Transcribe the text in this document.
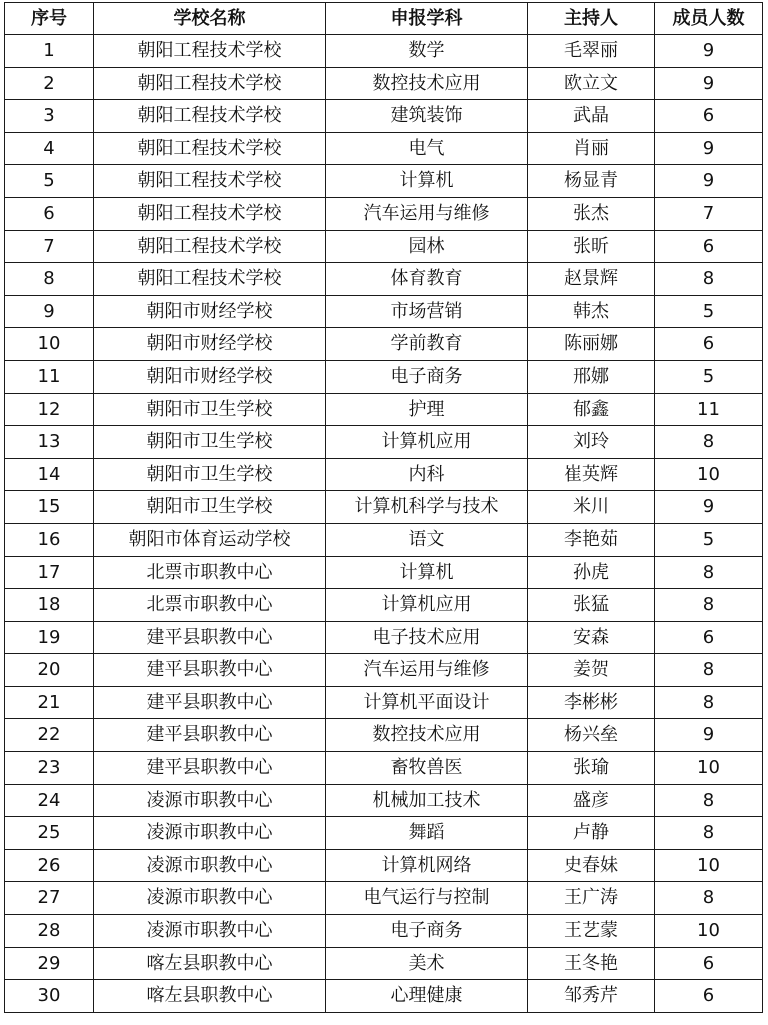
序号	学校名称	申报学科	主持人	成员人数
1	朝阳工程技术学校	数学	毛翠丽	9
2	朝阳工程技术学校	数控技术应用	欧立文	9
3	朝阳工程技术学校	建筑装饰	武晶	6
4	朝阳工程技术学校	电气	肖丽	9
5	朝阳工程技术学校	计算机	杨显青	9
6	朝阳工程技术学校	汽车运用与维修	张杰	7
7	朝阳工程技术学校	园林	张昕	6
8	朝阳工程技术学校	体育教育	赵景辉	8
9	朝阳市财经学校	市场营销	韩杰	5
10	朝阳市财经学校	学前教育	陈丽娜	6
11	朝阳市财经学校	电子商务	邢娜	5
12	朝阳市卫生学校	护理	郁鑫	11
13	朝阳市卫生学校	计算机应用	刘玲	8
14	朝阳市卫生学校	内科	崔英辉	10
15	朝阳市卫生学校	计算机科学与技术	米川	9
16	朝阳市体育运动学校	语文	李艳茹	5
17	北票市职教中心	计算机	孙虎	8
18	北票市职教中心	计算机应用	张猛	8
19	建平县职教中心	电子技术应用	安森	6
20	建平县职教中心	汽车运用与维修	姜贺	8
21	建平县职教中心	计算机平面设计	李彬彬	8
22	建平县职教中心	数控技术应用	杨兴垒	9
23	建平县职教中心	畜牧兽医	张瑜	10
24	凌源市职教中心	机械加工技术	盛彦	8
25	凌源市职教中心	舞蹈	卢静	8
26	凌源市职教中心	计算机网络	史春妹	10
27	凌源市职教中心	电气运行与控制	王广涛	8
28	凌源市职教中心	电子商务	王艺蒙	10
29	喀左县职教中心	美术	王冬艳	6
30	喀左县职教中心	心理健康	邹秀芹	6
